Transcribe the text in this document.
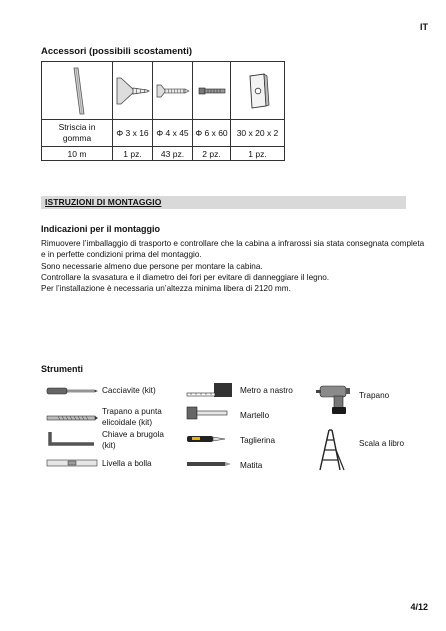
IT
Accessori (possibili scostamenti)

Striscia in
gomma	Φ 3 x 16	Φ 4 x 45	Φ 6 x 60	30 x 20 x 2
10 m	1 pz.	43 pz.	2 pz.	1 pz.
ISTRUZIONI DI MONTAGGIO
Indicazioni per il montaggio
Rimuovere l’imballaggio di trasporto e controllare che la cabina a infrarossi sia stata consegnata completa
e in perfette condizioni prima del montaggio.
Sono necessarie almeno due persone per montare la cabina.
Controllare la svasatura e il diametro dei fori per evitare di danneggiare il legno.
Per l’installazione è necessaria un’altezza minima libera di 2120 mm.
Strumenti
Cacciavite (kit)	Metro a nastro
Trapano
Trapano a punta
elicoidale (kit)
Martello
Chiave a brugola
(kit)	Taglierina	Scala a libro
Livella a bolla	Matita
4/12
